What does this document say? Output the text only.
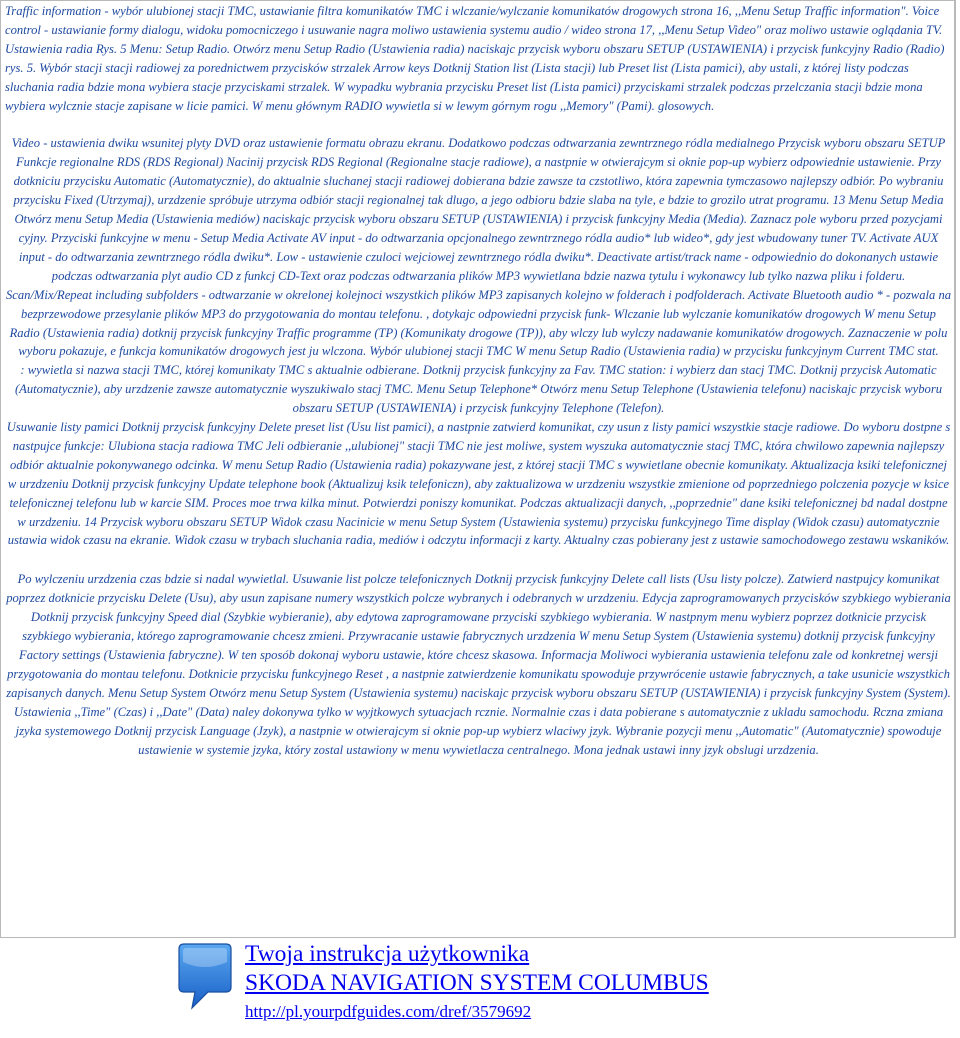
Traffic information - wybór ulubionej stacji TMC, ustawianie filtra komunikatów TMC i wlczanie/wylczanie komunikatów drogowych strona 16, ,,Menu Setup Traffic information". Voice control - ustawianie formy dialogu, widoku pomocniczego i usuwanie nagra moliwo ustawienia systemu audio / wideo strona 17, ,,Menu Setup Video" oraz moliwo ustawie oglądania TV. Ustawienia radia Rys. 5 Menu: Setup Radio. Otwórz menu Setup Radio (Ustawienia radia) naciskajc przycisk wyboru obszaru SETUP (USTAWIENIA) i przycisk funkcyjny Radio (Radio) rys. 5. Wybór stacji stacji radiowej za porednictwem przycisków strzalek Arrow keys Dotknij Station list (Lista stacji) lub Preset list (Lista pamici), aby ustali, z której listy podczas sluchania radia bdzie mona wybiera stacje przyciskami strzalek. W wypadku wybrania przycisku Preset list (Lista pamici) przyciskami strzalek podczas przelczania stacji bdzie mona wybiera wylcznie stacje zapisane w licie pamici. W menu głównym RADIO wywietla si w lewym górnym rogu ,,Memory" (Pami). glosowych.

Video - ustawienia dwiku wsunitej plyty DVD oraz ustawienie formatu obrazu ekranu. Dodatkowo podczas odtwarzania zewntrznego ródla medialnego Przycisk wyboru obszaru SETUP Funkcje regionalne RDS (RDS Regional) Nacinij przycisk RDS Regional (Regionalne stacje radiowe), a nastpnie w otwierajcym si oknie pop-up wybierz odpowiednie ustawienie. Przy dotkniciu przycisku Automatic (Automatycznie), do aktualnie sluchanej stacji radiowej dobierana bdzie zawsze ta czstotliwo, która zapewnia tymczasowo najlepszy odbiór. Po wybraniu przycisku Fixed (Utrzymaj), urzdzenie spróbuje utrzyma odbiór stacji regionalnej tak dlugo, a jego odbioru bdzie slaba na tyle, e bdzie to grozilo utrat programu. 13 Menu Setup Media Otwórz menu Setup Media (Ustawienia mediów) naciskajc przycisk wyboru obszaru SETUP (USTAWIENIA) i przycisk funkcyjny Media (Media). Zaznacz pole wyboru przed pozycjami cyjny. Przyciski funkcyjne w menu - Setup Media Activate AV input - do odtwarzania opcjonalnego zewntrznego ródla audio* lub wideo*, gdy jest wbudowany tuner TV. Activate AUX input - do odtwarzania zewntrznego ródla dwiku*. Low - ustawienie czuloci wejciowej zewntrznego ródla dwiku*. Deactivate artist/track name - odpowiednio do dokonanych ustawie podczas odtwarzania plyt audio CD z funkcj CD-Text oraz podczas odtwarzania plików MP3 wywietlana bdzie nazwa tytulu i wykonawcy lub tylko nazwa pliku i folderu.

Scan/Mix/Repeat including subfolders - odtwarzanie w okrelonej kolejnoci wszystkich plików MP3 zapisanych kolejno w folderach i podfolderach. Activate Bluetooth audio * - pozwala na bezprzewodowe przesylanie plików MP3 do przygotowania do montau telefonu. , dotykajc odpowiedni przycisk funk- Wlczanie lub wylczanie komunikatów drogowych W menu Setup Radio (Ustawienia radia) dotknij przycisk funkcyjny Traffic programme (TP) (Komunikaty drogowe (TP)), aby wlczy lub wylczy nadawanie komunikatów drogowych. Zaznaczenie w polu wyboru pokazuje, e funkcja komunikatów drogowych jest ju wlczona. Wybór ulubionej stacji TMC W menu Setup Radio (Ustawienia radia) w przycisku funkcyjnym Current TMC stat.

: wywietla si nazwa stacji TMC, której komunikaty TMC s aktualnie odbierane. Dotknij przycisk funkcyjny za Fav. TMC station: i wybierz dan stacj TMC. Dotknij przycisk Automatic (Automatycznie), aby urzdzenie zawsze automatycznie wyszukiwalo stacj TMC. Menu Setup Telephone* Otwórz menu Setup Telephone (Ustawienia telefonu) naciskajc przycisk wyboru obszaru SETUP (USTAWIENIA) i przycisk funkcyjny Telephone (Telefon).

Usuwanie listy pamici Dotknij przycisk funkcyjny Delete preset list (Usu list pamici), a nastpnie zatwierd komunikat, czy usun z listy pamici wszystkie stacje radiowe. Do wyboru dostpne s nastpujce funkcje: Ulubiona stacja radiowa TMC Jeli odbieranie ,,ulubionej" stacji TMC nie jest moliwe, system wyszuka automatycznie stacj TMC, która chwilowo zapewnia najlepszy odbiór aktualnie pokonywanego odcinka. W menu Setup Radio (Ustawienia radia) pokazywane jest, z której stacji TMC s wywietlane obecnie komunikaty. Aktualizacja ksiki telefonicznej w urzdzeniu Dotknij przycisk funkcyjny Update telephone book (Aktualizuj ksik telefoniczn), aby zaktualizowa w urzdzeniu wszystkie zmienione od poprzedniego polczenia pozycje w ksice telefonicznej telefonu lub w karcie SIM. Proces moe trwa kilka minut. Potwierdzi poniszy komunikat. Podczas aktualizacji danych, ,,poprzednie" dane ksiki telefonicznej bd nadal dostpne w urzdzeniu. 14 Przycisk wyboru obszaru SETUP Widok czasu Nacinicie w menu Setup System (Ustawienia systemu) przycisku funkcyjnego Time display (Widok czasu) automatycznie ustawia widok czasu na ekranie. Widok czasu w trybach sluchania radia, mediów i odczytu informacji z karty. Aktualny czas pobierany jest z ustawie samochodowego zestawu wskaników.

Po wylczeniu urzdzenia czas bdzie si nadal wywietlal. Usuwanie list polcze telefonicznych Dotknij przycisk funkcyjny Delete call lists (Usu listy polcze). Zatwierd nastpujcy komunikat poprzez dotknicie przycisku Delete (Usu), aby usun zapisane numery wszystkich polcze wybranych i odebranych w urzdzeniu. Edycja zaprogramowanych przycisków szybkiego wybierania Dotknij przycisk funkcyjny Speed dial (Szybkie wybieranie), aby edytowa zaprogramowane przyciski szybkiego wybierania. W nastpnym menu wybierz poprzez dotknicie przycisk szybkiego wybierania, którego zaprogramowanie chcesz zmieni. Przywracanie ustawie fabrycznych urzdzenia W menu Setup System (Ustawienia systemu) dotknij przycisk funkcyjny Factory settings (Ustawienia fabryczne). W ten sposób dokonaj wyboru ustawie, które chcesz skasowa. Informacja Moliwoci wybierania ustawienia telefonu zale od konkretnej wersji przygotowania do montau telefonu. Dotknicie przycisku funkcyjnego Reset , a nastpnie zatwierdzenie komunikatu spowoduje przywrócenie ustawie fabrycznych, a take usunicie wszystkich zapisanych danych. Menu Setup System Otwórz menu Setup System (Ustawienia systemu) naciskajc przycisk wyboru obszaru SETUP (USTAWIENIA) i przycisk funkcyjny System (System).

Ustawienia ,,Time" (Czas) i ,,Date" (Data) naley dokonywa tylko w wyjtkowych sytuacjach rcznie. Normalnie czas i data pobierane s automatycznie z ukladu samochodu. Rczna zmiana jzyka systemowego Dotknij przycisk Language (Jzyk), a nastpnie w otwierajcym si oknie pop-up wybierz wlaciwy jzyk. Wybranie pozycji menu ,,Automatic" (Automatycznie) spowoduje ustawienie w systemie jzyka, który zostal ustawiony w menu wywietlacza centralnego. Mona jednak ustawi inny jzyk obslugi urzdzenia.

Twoja instrukcja użytkownika
SKODA NAVIGATION SYSTEM COLUMBUS
http://pl.yourpdfguides.com/dref/3579692
